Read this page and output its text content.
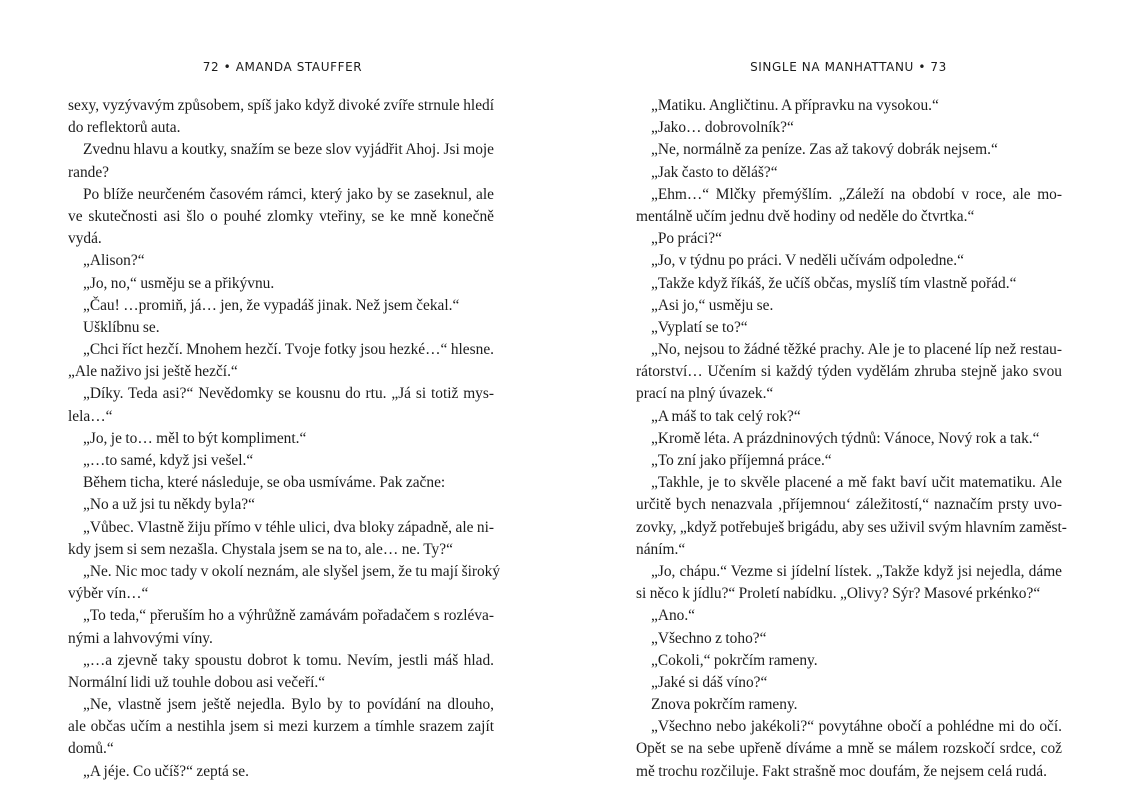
72 • AMANDA STAUFFER
sexy, vyzývavým způsobem, spíš jako když divoké zvíře strnule hledí
do reflektorů auta.
Zvednu hlavu a koutky, snažím se beze slov vyjádřit Ahoj. Jsi moje
rande?
Po blíže neurčeném časovém rámci, který jako by se zaseknul, ale
ve skutečnosti asi šlo o pouhé zlomky vteřiny, se ke mně konečně
vydá.
„Alison?“
„Jo, no,“ usměju se a přikývnu.
„Čau! …promiň, já… jen, že vypadáš jinak. Než jsem čekal.“
Ušklíbnu se.
„Chci říct hezčí. Mnohem hezčí. Tvoje fotky jsou hezké…“ hlesne.
„Ale naživo jsi ještě hezčí.“
„Díky. Teda asi?“ Nevědomky se kousnu do rtu. „Já si totiž mys-
lela…“
„Jo, je to… měl to být kompliment.“
„…to samé, když jsi vešel.“
Během ticha, které následuje, se oba usmíváme. Pak začne:
„No a už jsi tu někdy byla?“
„Vůbec. Vlastně žiju přímo v téhle ulici, dva bloky západně, ale ni-
kdy jsem si sem nezašla. Chystala jsem se na to, ale… ne. Ty?“
„Ne. Nic moc tady v okolí neznám, ale slyšel jsem, že tu mají široký
výběr vín…“
„To teda,“ přeruším ho a výhrůžně zamávám pořadačem s rozléva-
nými a lahvovými víny.
„…a zjevně taky spoustu dobrot k tomu. Nevím, jestli máš hlad.
Normální lidi už touhle dobou asi večeří.“
„Ne, vlastně jsem ještě nejedla. Bylo by to povídání na dlouho,
ale občas učím a nestihla jsem si mezi kurzem a tímhle srazem zajít
domů.“
„A jéje. Co učíš?“ zeptá se.
SINGLE NA MANHATTANU • 73
„Matiku. Angličtinu. A přípravku na vysokou.“
„Jako… dobrovolník?“
„Ne, normálně za peníze. Zas až takový dobrák nejsem.“
„Jak často to děláš?“
„Ehm…“ Mlčky přemýšlím. „Záleží na období v roce, ale mo-
mentálně učím jednu dvě hodiny od neděle do čtvrtka.“
„Po práci?“
„Jo, v týdnu po práci. V neděli učívám odpoledne.“
„Takže když říkáš, že učíš občas, myslíš tím vlastně pořád.“
„Asi jo,“ usměju se.
„Vyplatí se to?“
„No, nejsou to žádné těžké prachy. Ale je to placené líp než restau-
rátorství… Učením si každý týden vydělám zhruba stejně jako svou
prací na plný úvazek.“
„A máš to tak celý rok?“
„Kromě léta. A prázdninových týdnů: Vánoce, Nový rok a tak.“
„To zní jako příjemná práce.“
„Takhle, je to skvěle placené a mě fakt baví učit matematiku. Ale
určitě bych nenazvala ‚příjemnou‘ záležitostí,“ naznačím prsty uvo-
zovky, „když potřebuješ brigádu, aby ses uživil svým hlavním zaměst-
náním.“
„Jo, chápu.“ Vezme si jídelní lístek. „Takže když jsi nejedla, dáme
si něco k jídlu?“ Proletí nabídku. „Olivy? Sýr? Masové prkénko?“
„Ano.“
„Všechno z toho?“
„Cokoli,“ pokrčím rameny.
„Jaké si dáš víno?“
Znova pokrčím rameny.
„Všechno nebo jakékoli?“ povytáhne obočí a pohlédne mi do očí.
Opět se na sebe upřeně díváme a mně se málem rozskočí srdce, což
mě trochu rozčiluje. Fakt strašně moc doufám, že nejsem celá rudá.
